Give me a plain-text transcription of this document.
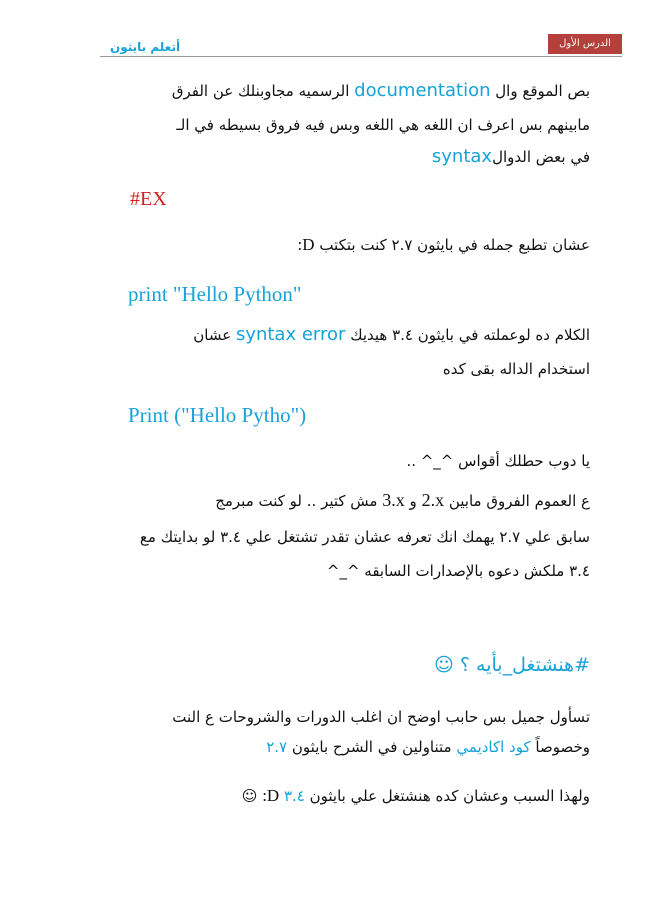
أتعلم بايثون	الدرس الأول
بص الموقع وال documentation الرسميه مجاوبنلك عن الفرق
مابينهم بس اعرف ان اللغه هي اللغه وبس فيه فروق بسيطه في الـ
في بعض الدوالsyntax
#EX
عشان تطبع جمله في بايثون ٢.٧ كنت بتكتب :D
print "Hello Python"
الكلام ده لوعملته في بايثون ٣.٤ هيديك syntax error عشان
استخدام الداله بقى كده
Print ("Hello Pytho")
يا دوب حطلك أقواس ^_^ ..
ع العموم الفروق مابين 2.x و 3.x مش كتير .. لو كنت مبرمج
سابق علي ٢.٧ يهمك انك تعرفه عشان تقدر تشتغل علي ٣.٤ لو بدايتك مع
٣.٤ ملكش دعوه بالإصدارات السابقه ^_^
#هنشتغل_بأيه ؟ ☺
تسأول جميل بس حابب اوضح ان اغلب الدورات والشروحات ع النت
وخصوصاً كود اكاديمي متناولين في الشرح بايثون ٢.٧
ولهذا السبب وعشان كده هنشتغل علي بايثون ٣.٤ :D ☺
